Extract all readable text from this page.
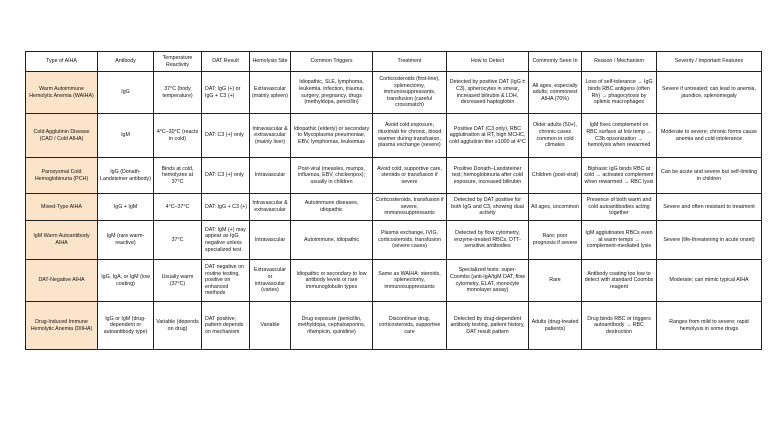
Type of AIHA	Antibody	Temperature Reactivity	DAT Result	Hemolysis Site	Common Triggers	Treatment	How to Detect	Commonly Seen In	Reason / Mechanism	Severity / Important Features
Warm Autoimmune Hemolytic Anemia (WAIHA)	IgG	37°C (body temperature)	DAT: IgG (+) or IgG + C3 (+)	Extravascular (mainly spleen)	Idiopathic, SLE, lymphoma, leukemia, infection, trauma, surgery, pregnancy, drugs (methyldopa, penicillin)	Corticosteroids (first-line), splenectomy, immunosuppressants, transfusion (careful crossmatch)	Detected by positive DAT (IgG ± C3), spherocytes in smear, increased bilirubin & LDH, decreased haptoglobin	All ages, especially adults; commonest AIHA (70%)	Loss of self-tolerance → IgG binds RBC antigens (often Rh) → phagocytosis by splenic macrophages	Severe if untreated; can lead to anemia, jaundice, splenomegaly
Cold Agglutinin Disease (CAD / Cold AIHA)	IgM	4°C–30°C (reacts in cold)	DAT: C3 (+) only	Intravascular & extravascular (mainly liver)	Idiopathic (elderly) or secondary to Mycoplasma pneumoniae, EBV, lymphomas, leukemias	Avoid cold exposure, rituximab for chronic, blood warmer during transfusion, plasma exchange (severe)	Positive DAT (C3 only), RBC agglutination at RT, high MCHC, cold agglutinin titer ≥1000 at 4°C	Older adults (50+), chronic cases common in cold climates	IgM fixes complement on RBC surface at low temp → C3b opsonization → hemolysis when rewarmed	Moderate to severe; chronic forms cause anemia and cold intolerance
Paroxysmal Cold Hemoglobinuria (PCH)	IgG (Donath-Landsteiner antibody)	Binds at cold, hemolyzes at 37°C	DAT: C3 (+) only	Intravascular	Post-viral (measles, mumps, influenza, EBV, chickenpox); usually in children	Avoid cold, supportive care, steroids or transfusion if severe	Positive Donath–Landsteiner test; hemoglobinuria after cold exposure, increased bilirubin	Children (post-viral)	Biphasic IgG binds RBC at cold → activates complement when rewarmed → RBC lysis	Can be acute and severe but self-limiting in children
Mixed-Type AIHA	IgG + IgM	4°C–37°C	DAT: IgG + C3 (+)	Intravascular & extravascular	Autoimmune diseases, idiopathic	Corticosteroids, transfusion if severe, immunosuppressants	Detected by DAT positive for both IgG and C3, showing dual activity	All ages, uncommon	Presence of both warm and cold autoantibodies acting together	Severe and often resistant to treatment
IgM Warm Autoantibody AIHA	IgM (rare warm-reactive)	37°C	DAT: IgM (+) may appear as IgG negative unless specialized test	Intravascular	Autoimmune, idiopathic	Plasma exchange, IVIG, corticosteroids, transfusion (severe cases)	Detected by flow cytometry, enzyme-treated RBCs, DTT-sensitive antibodies	Rare; poor prognosis if severe	IgM agglutinates RBCs even at warm temps → complement-mediated lysis	Severe (life-threatening in acute onset)
DAT-Negative AIHA	IgG, IgA, or IgM (low coating)	Usually warm (37°C)	DAT negative on routine testing, positive on enhanced methods	Extravascular or intravascular (varies)	Idiopathic or secondary to low antibody levels or rare immunoglobulin types	Same as WAIHA: steroids, splenectomy, immunosuppressants	Specialized tests: super-Coombs (anti-IgA/IgM DAT, flow cytometry, ELAT, monocyte monolayer assay)	Rare	Antibody coating too low to detect with standard Coombs reagent	Moderate; can mimic typical AIHA
Drug-Induced Immune Hemolytic Anemia (DIIHA)	IgG or IgM (drug-dependent or autoantibody type)	Variable (depends on drug)	DAT positive; pattern depends on mechanism	Variable	Drug exposure (penicillin, methyldopa, cephalosporins, rifampicin, quinidine)	Discontinue drug, corticosteroids, supportive care	Detected by drug-dependent antibody testing, patient history, DAT result pattern	Adults (drug-treated patients)	Drug binds RBC or triggers autoantibody → RBC destruction	Ranges from mild to severe; rapid hemolysis in some drugs
